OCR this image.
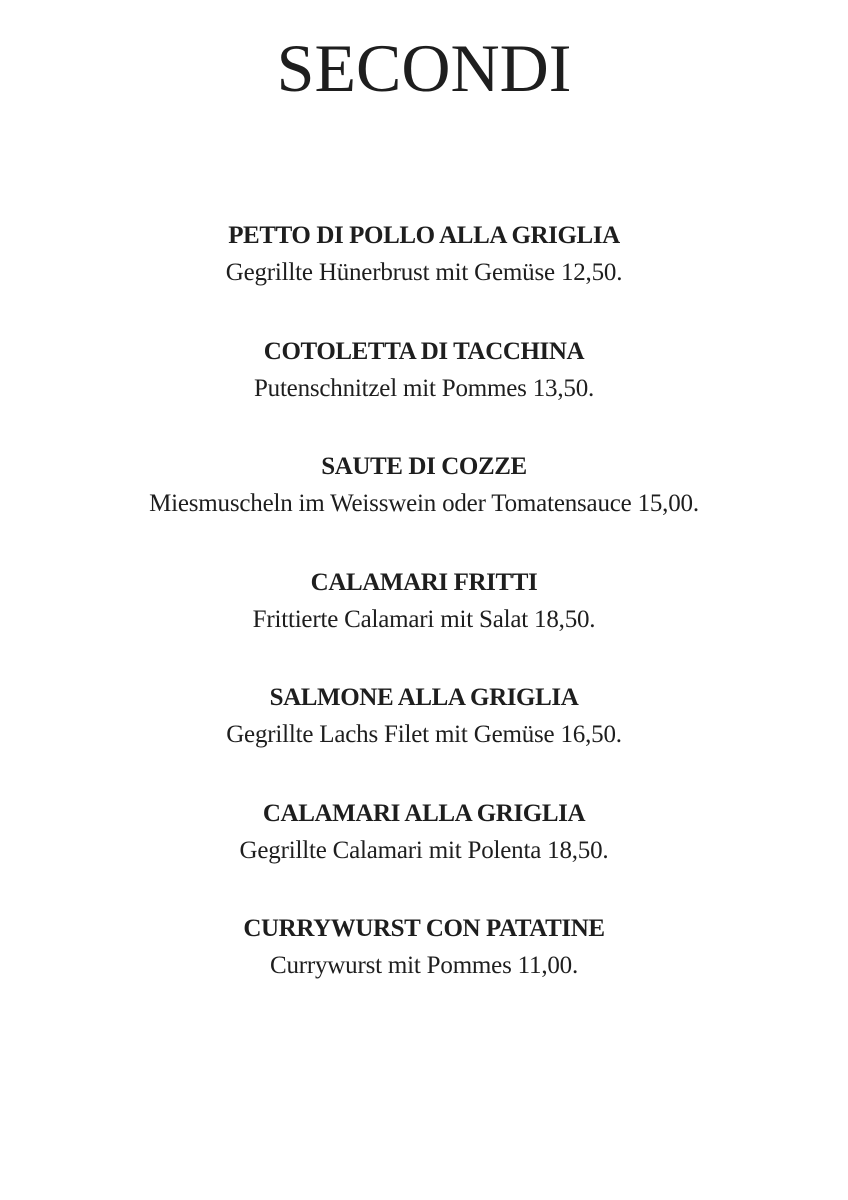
SECONDI
PETTO DI POLLO ALLA GRIGLIA
Gegrillte Hünerbrust mit Gemüse 12,50.
COTOLETTA DI TACCHINA
Putenschnitzel mit Pommes 13,50.
SAUTE DI COZZE
Miesmuscheln im Weisswein oder Tomatensauce 15,00.
CALAMARI FRITTI
Frittierte Calamari mit Salat 18,50.
SALMONE ALLA GRIGLIA
Gegrillte Lachs Filet mit Gemüse 16,50.
CALAMARI ALLA GRIGLIA
Gegrillte Calamari mit Polenta 18,50.
CURRYWURST CON PATATINE
Currywurst mit Pommes 11,00.
